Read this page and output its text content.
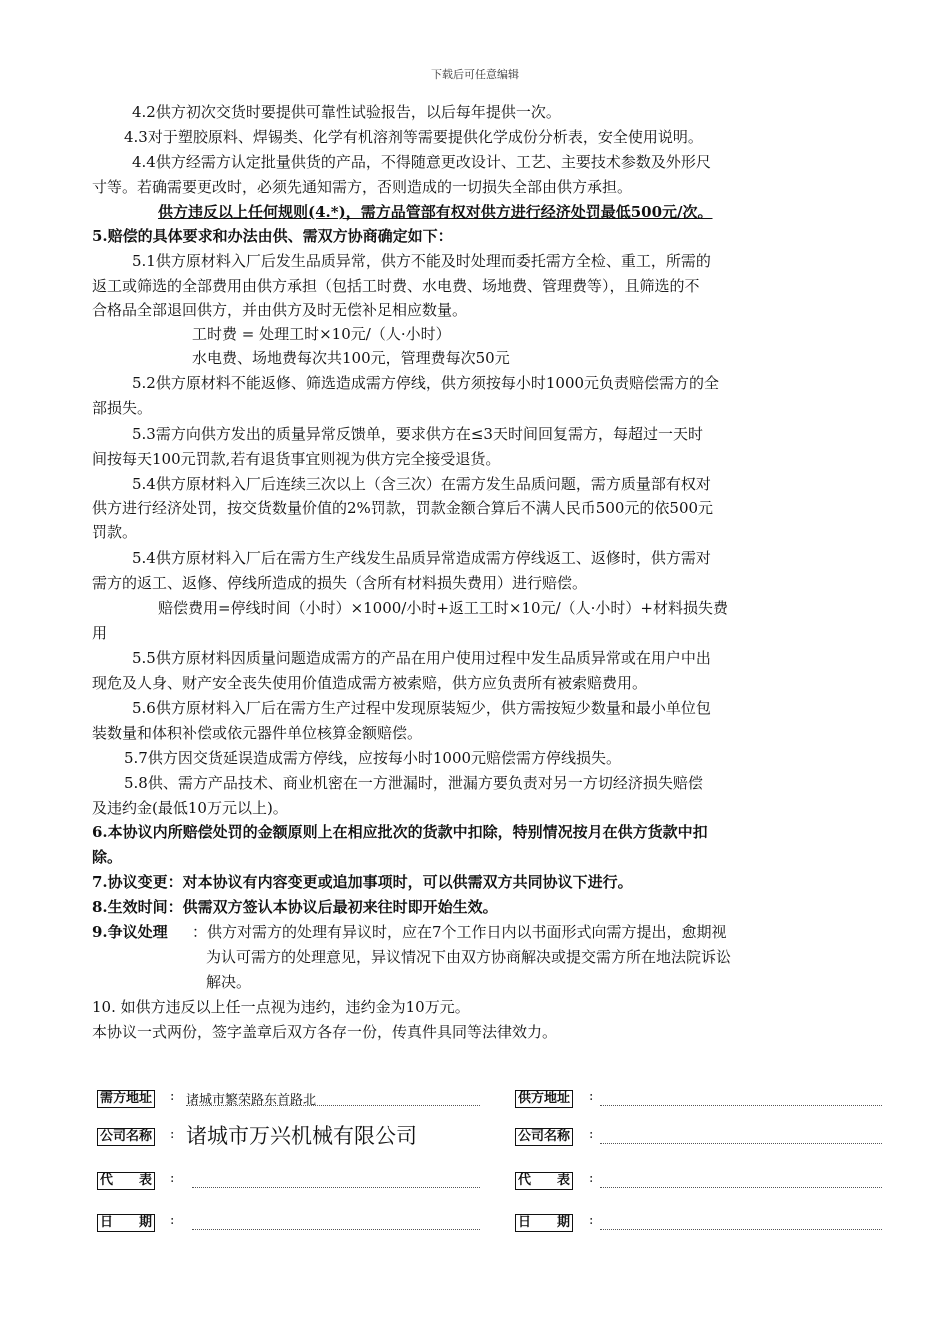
下载后可任意编辑
4.2供方初次交货时要提供可靠性试验报告，以后每年提供一次。
4.3对于塑胶原料、焊锡类、化学有机溶剂等需要提供化学成份分析表，安全使用说明。
4.4供方经需方认定批量供货的产品，不得随意更改设计、工艺、主要技术参数及外形尺
寸等。若确需要更改时，必须先通知需方，否则造成的一切损失全部由供方承担。
供方违反以上任何规则(4.*)，需方品管部有权对供方进行经济处罚最低500元/次。
5.赔偿的具体要求和办法由供、需双方协商确定如下：
5.1供方原材料入厂后发生品质异常，供方不能及时处理而委托需方全检、重工，所需的
返工或筛选的全部费用由供方承担（包括工时费、水电费、场地费、管理费等），且筛选的不
合格品全部退回供方，并由供方及时无偿补足相应数量。
工时费 = 处理工时×10元/（人·小时）
水电费、场地费每次共100元，管理费每次50元
5.2供方原材料不能返修、筛选造成需方停线，供方须按每小时1000元负责赔偿需方的全
部损失。
5.3需方向供方发出的质量异常反馈单，要求供方在≤3天时间回复需方，每超过一天时
间按每天100元罚款,若有退货事宜则视为供方完全接受退货。
5.4供方原材料入厂后连续三次以上（含三次）在需方发生品质问题，需方质量部有权对
供方进行经济处罚，按交货数量价值的2%罚款，罚款金额合算后不满人民币500元的依500元
罚款。
5.4供方原材料入厂后在需方生产线发生品质异常造成需方停线返工、返修时，供方需对
需方的返工、返修、停线所造成的损失（含所有材料损失费用）进行赔偿。
赔偿费用=停线时间（小时）×1000/小时+返工工时×10元/（人·小时）+材料损失费
用
5.5供方原材料因质量问题造成需方的产品在用户使用过程中发生品质异常或在用户中出
现危及人身、财产安全丧失使用价值造成需方被索赔，供方应负责所有被索赔费用。
5.6供方原材料入厂后在需方生产过程中发现原装短少，供方需按短少数量和最小单位包
装数量和体积补偿或依元器件单位核算金额赔偿。
5.7供方因交货延误造成需方停线，应按每小时1000元赔偿需方停线损失。
5.8供、需方产品技术、商业机密在一方泄漏时，泄漏方要负责对另一方切经济损失赔偿
及违约金(最低10万元以上)。
6.本协议内所赔偿处罚的金额原则上在相应批次的货款中扣除，特别情况按月在供方货款中扣
除。
7.协议变更：对本协议有内容变更或追加事项时，可以供需双方共同协议下进行。
8.生效时间：供需双方签认本协议后最初来往时即开始生效。
9.争议处理	：供方对需方的处理有异议时，应在7个工作日内以书面形式向需方提出，愈期视
为认可需方的处理意见，异议情况下由双方协商解决或提交需方所在地法院诉讼
解决。
10. 如供方违反以上任一点视为违约，违约金为10万元。
本协议一式两份，签字盖章后双方各存一份，传真件具同等法律效力。
需方地址 : 诸城市繁荣路东首路北
公司名称 : 诸城市万兴机械有限公司
代　　表 :
日　　期 :
供方地址 :
公司名称 :
代　　表 :
日　　期 :
